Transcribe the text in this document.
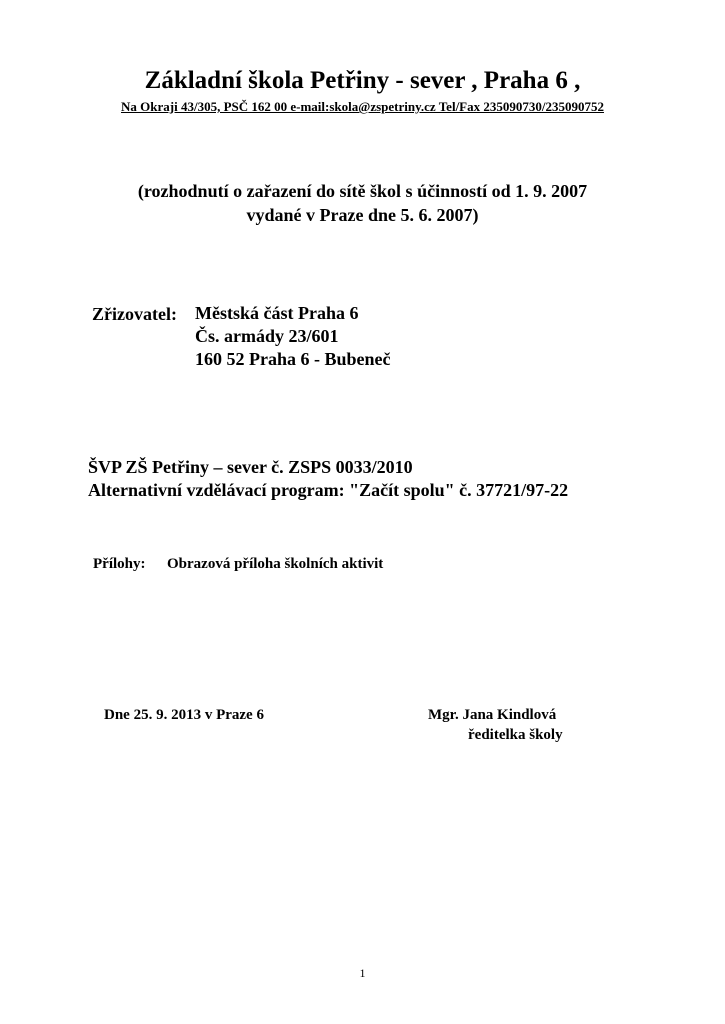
Základní škola Petřiny - sever , Praha 6 ,
Na Okraji 43/305, PSČ 162 00 e-mail:skola@zspetriny.cz Tel/Fax 235090730/235090752
(rozhodnutí o zařazení do sítě škol s účinností od 1. 9. 2007
vydané v Praze dne 5. 6. 2007)
Zřizovatel: Městská část Praha 6
Čs. armády 23/601
160 52 Praha 6 - Bubeneč
ŠVP ZŠ Petřiny – sever č. ZSPS 0033/2010
Alternativní vzdělávací program: "Začít spolu" č. 37721/97-22
Přílohy: Obrazová příloha školních aktivit
Dne 25. 9. 2013 v Praze 6	Mgr. Jana Kindlová
ředitelka školy
1
